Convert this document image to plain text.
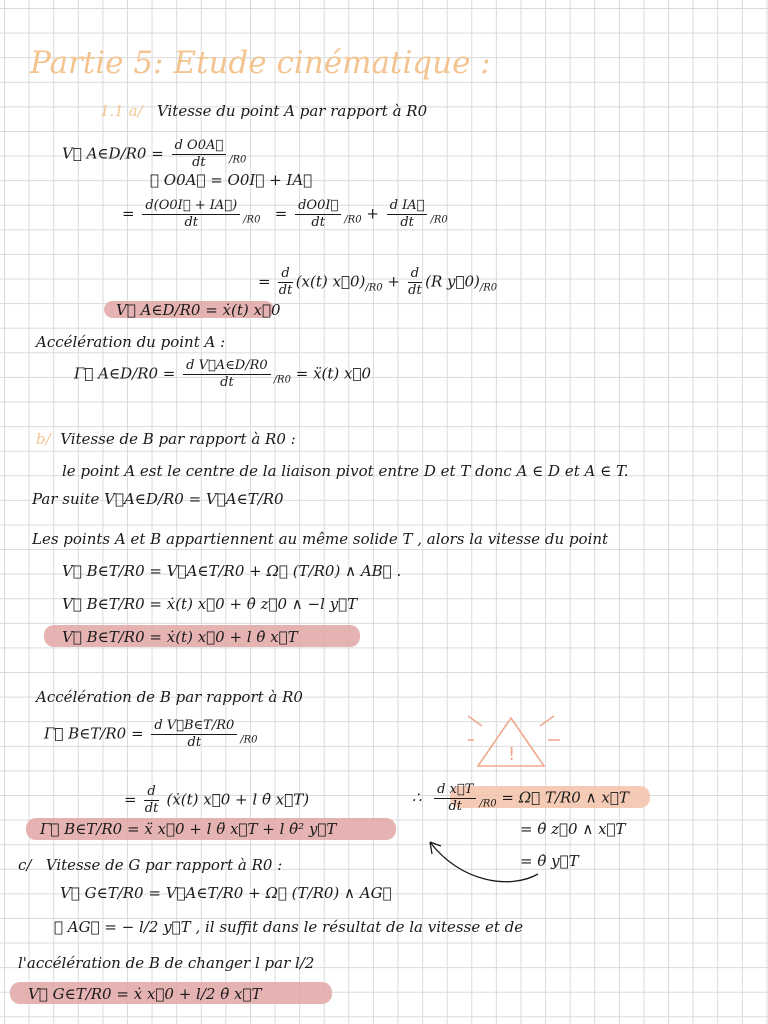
Partie 5: Etude cinématique :
1.1 a/ Vitesse du point A par rapport à R0
V⃗ A∈D/R0 = $\frac{\text{d O0A⃗}}{dt} _{/R0}$
∴ O0A⃗ = O0I⃗ + IA⃗
= $\frac{d(O0I⃗ + IA⃗)}{dt} _{/R0} = \frac{dO0I⃗}{dt} _{/R0} + \frac{\text{d IA⃗}}{dt} _{/R0}$
= $\frac{d}{dt} (x(t)$ $x⃗0)_{/R0} + \frac{d}{dt} (R$ $y⃗0)_{/R0}$
V⃗ A∈D/R0 = ẋ(t) x⃗0
Accélération du point A :
Γ⃗ A∈D/R0 = $\frac{\text{d V⃗A∈D/R0}}{dt} _{/R0}$ = ẍ(t) x⃗0
b/ Vitesse de B par rapport à R0 :
le point A est le centre de la liaison pivot entre D et T donc A ∈ D et A ∈ T.
Par suite V⃗A∈D/R0 = V⃗A∈T/R0
Les points A et B appartiennent au même solide T , alors la vitesse du point
V⃗ B∈T/R0 = V⃗A∈T/R0 + Ω⃗ (T/R0) ∧ AB⃗ .
V⃗ B∈T/R0 = ẋ(t) x⃗0 + θ̇ z⃗0 ∧ −l y⃗T
V⃗ B∈T/R0 = ẋ(t) x⃗0 + l θ̇ x⃗T
Accélération de B par rapport à R0
Γ⃗ B∈T/R0 = $\frac{\text{d V⃗B∈T/R0}}{dt} _{/R0}$
= $\frac{d}{dt}$ (ẋ(t) x⃗0 + l θ̇ x⃗T)
Γ⃗ B∈T/R0 = ẍ x⃗0 + l θ̈ x⃗T + l θ̇² y⃗T
!
∴ $\frac{\text{d x⃗T}}{dt} _{/R0}$ = Ω⃗ T/R0 ∧ x⃗T
= θ̇ z⃗0 ∧ x⃗T
= θ̇ y⃗T
c/ Vitesse de G par rapport à R0 :
V⃗ G∈T/R0 = V⃗A∈T/R0 + Ω⃗ (T/R0) ∧ AG⃗
∴ AG⃗ = − l/2 y⃗T , il suffit dans le résultat de la vitesse et de
l'accélération de B de changer l par l/2
V⃗ G∈T/R0 = ẋ x⃗0 + l/2 θ̇ x⃗T
